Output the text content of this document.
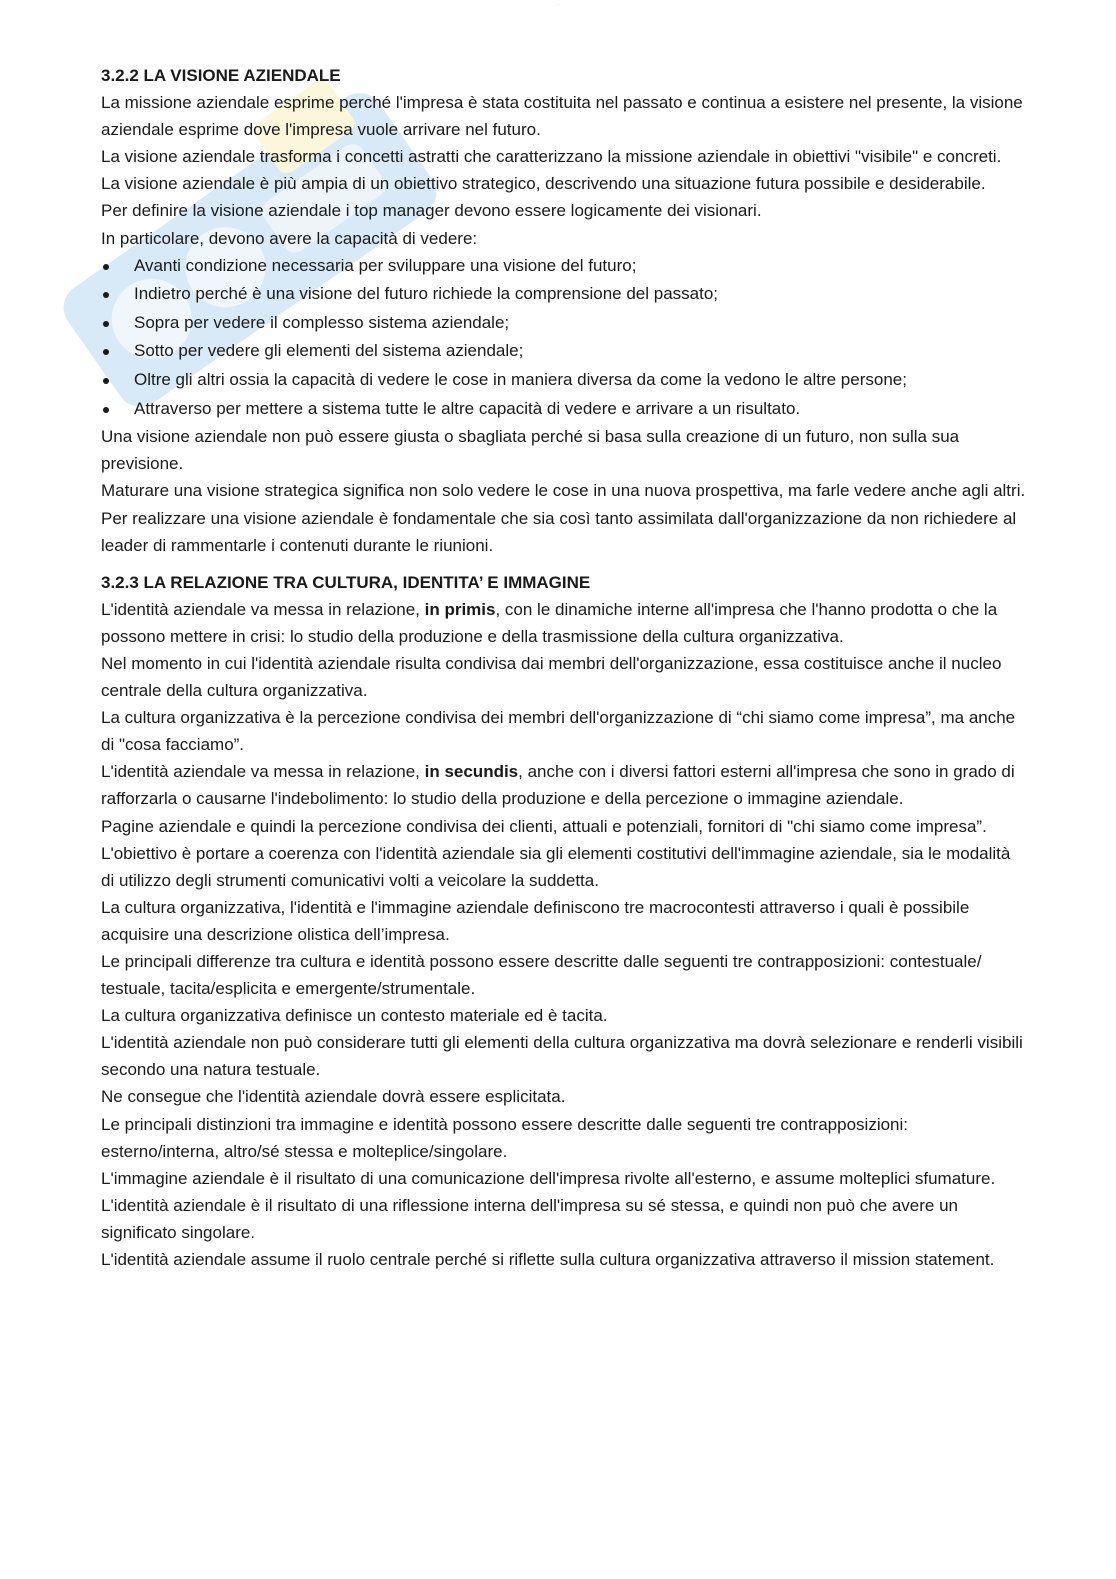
·····
3.2.2 LA VISIONE AZIENDALE

La missione aziendale esprime perché l'impresa è stata costituita nel passato e continua a esistere nel presente, la visione aziendale esprime dove l'impresa vuole arrivare nel futuro.

La visione aziendale trasforma i concetti astratti che caratterizzano la missione aziendale in obiettivi "visibile" e concreti.

La visione aziendale è più ampia di un obiettivo strategico, descrivendo una situazione futura possibile e desiderabile.

Per definire la visione aziendale i top manager devono essere logicamente dei visionari.

In particolare, devono avere la capacità di vedere:

Avanti condizione necessaria per sviluppare una visione del futuro;
Indietro perché è una visione del futuro richiede la comprensione del passato;
Sopra per vedere il complesso sistema aziendale;
Sotto per vedere gli elementi del sistema aziendale;
Oltre gli altri ossia la capacità di vedere le cose in maniera diversa da come la vedono le altre persone;
Attraverso per mettere a sistema tutte le altre capacità di vedere e arrivare a un risultato.

Una visione aziendale non può essere giusta o sbagliata perché si basa sulla creazione di un futuro, non sulla sua previsione.

Maturare una visione strategica significa non solo vedere le cose in una nuova prospettiva, ma farle vedere anche agli altri.

Per realizzare una visione aziendale è fondamentale che sia così tanto assimilata dall'organizzazione da non richiedere al leader di rammentarle i contenuti durante le riunioni.

3.2.3 LA RELAZIONE TRA CULTURA, IDENTITA’ E IMMAGINE

L'identità aziendale va messa in relazione, in primis, con le dinamiche interne all'impresa che l'hanno prodotta o che la possono mettere in crisi: lo studio della produzione e della trasmissione della cultura organizzativa.

Nel momento in cui l'identità aziendale risulta condivisa dai membri dell'organizzazione, essa costituisce anche il nucleo centrale della cultura organizzativa.

La cultura organizzativa è la percezione condivisa dei membri dell'organizzazione di “chi siamo come impresa”, ma anche di "cosa facciamo”.

L'identità aziendale va messa in relazione, in secundis, anche con i diversi fattori esterni all'impresa che sono in grado di rafforzarla o causarne l'indebolimento: lo studio della produzione e della percezione o immagine aziendale.

Pagine aziendale e quindi la percezione condivisa dei clienti, attuali e potenziali, fornitori di "chi siamo come impresa”.

L'obiettivo è portare a coerenza con l'identità aziendale sia gli elementi costitutivi dell'immagine aziendale, sia le modalità di utilizzo degli strumenti comunicativi volti a veicolare la suddetta.

La cultura organizzativa, l'identità e l'immagine aziendale definiscono tre macrocontesti attraverso i quali è possibile acquisire una descrizione olistica dell’impresa.

Le principali differenze tra cultura e identità possono essere descritte dalle seguenti tre contrapposizioni: contestuale/ testuale, tacita/esplicita e emergente/strumentale.

La cultura organizzativa definisce un contesto materiale ed è tacita.

L'identità aziendale non può considerare tutti gli elementi della cultura organizzativa ma dovrà selezionare e renderli visibili secondo una natura testuale.

Ne consegue che l'identità aziendale dovrà essere esplicitata.

Le principali distinzioni tra immagine e identità possono essere descritte dalle seguenti tre contrapposizioni: esterno/interna, altro/sé stessa e molteplice/singolare.

L'immagine aziendale è il risultato di una comunicazione dell'impresa rivolte all'esterno, e assume molteplici sfumature.

L'identità aziendale è il risultato di una riflessione interna dell'impresa su sé stessa, e quindi non può che avere un significato singolare.

L'identità aziendale assume il ruolo centrale perché si riflette sulla cultura organizzativa attraverso il mission statement.
